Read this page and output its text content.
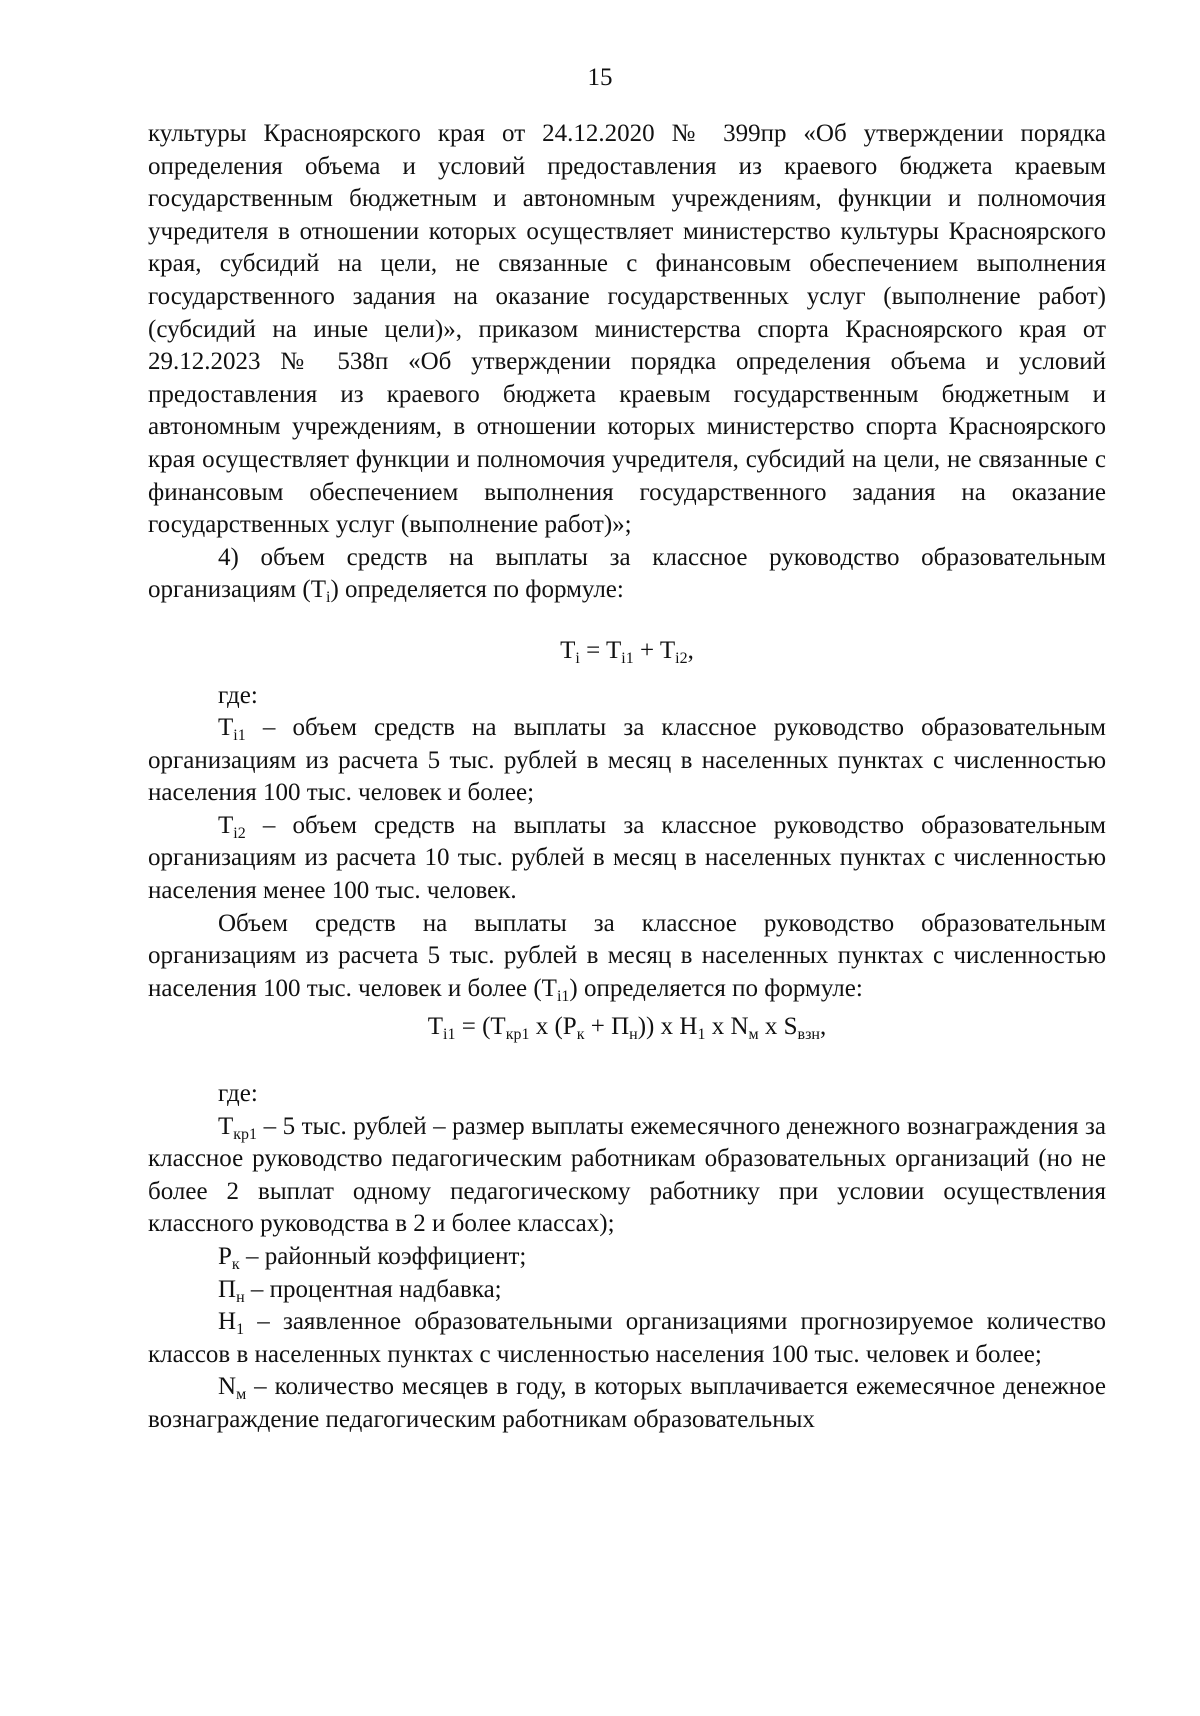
15

культуры Красноярского края от 24.12.2020 № 399пр «Об утверждении порядка определения объема и условий предоставления из краевого бюджета краевым государственным бюджетным и автономным учреждениям, функции и полномочия учредителя в отношении которых осуществляет министерство культуры Красноярского края, субсидий на цели, не связанные с финансовым обеспечением выполнения государственного задания на оказание государственных услуг (выполнение работ) (субсидий на иные цели)», приказом министерства спорта Красноярского края от 29.12.2023 № 538п «Об утверждении порядка определения объема и условий предоставления из краевого бюджета краевым государственным бюджетным и автономным учреждениям, в отношении которых министерство спорта Красноярского края осуществляет функции и полномочия учредителя, субсидий на цели, не связанные с финансовым обеспечением выполнения государственного задания на оказание государственных услуг (выполнение работ)»;

4) объем средств на выплаты за классное руководство образовательным организациям $(T_i)$ определяется по формуле:

$T_i = T_{i1} + T_{i2}$,

где:

$T_{i1}$ – объем средств на выплаты за классное руководство образовательным организациям из расчета 5 тыс. рублей в месяц в населенных пунктах с численностью населения 100 тыс. человек и более;

$T_{i2}$ – объем средств на выплаты за классное руководство образовательным организациям из расчета 10 тыс. рублей в месяц в населенных пунктах с численностью населения менее 100 тыс. человек.

Объем средств на выплаты за классное руководство образовательным организациям из расчета 5 тыс. рублей в месяц в населенных пунктах с численностью населения 100 тыс. человек и более $(T_{i1})$ определяется по формуле:

$T_{i1} = (T_{кр1}$ х $(Р_к + П_н)$) х $Н_1$ х $N_м$ х $S_{взн}$,

где:

$T_{кр1} - 5$ тыс. рублей – размер выплаты ежемесячного денежного вознаграждения за классное руководство педагогическим работникам образовательных организаций (но не более 2 выплат одному педагогическому работнику при условии осуществления классного руководства в 2 и более классах);

$Р_к$ – районный коэффициент;

$П_н$ – процентная надбавка;

$Н_1$ – заявленное образовательными организациями прогнозируемое количество классов в населенных пунктах с численностью населения 100 тыс. человек и более;

$N_м$ – количество месяцев в году, в которых выплачивается ежемесячное денежное вознаграждение педагогическим работникам образовательных
